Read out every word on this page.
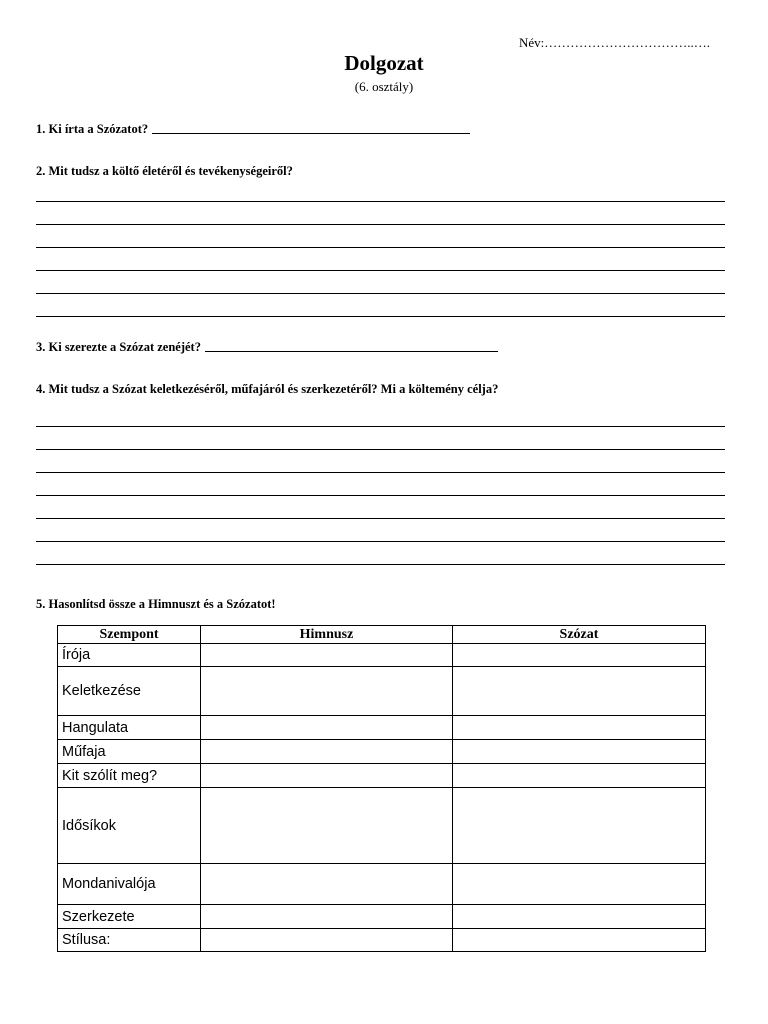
Név:……………………………..….
Dolgozat
(6. osztály)
1. Ki írta a Szózatot?
2. Mit tudsz a költő életéről és tevékenységeiről?
3. Ki szerezte a Szózat zenéjét?
4. Mit tudsz a Szózat keletkezéséről, műfajáról és szerkezetéről? Mi a költemény célja?
5. Hasonlítsd össze a Himnuszt és a Szózatot!
Szempont	Himnusz	Szózat
Írója		
Keletkezése		
Hangulata		
Műfaja		
Kit szólít meg?		
Idősíkok		
Mondanivalója		
Szerkezete		
Stílusa:		
